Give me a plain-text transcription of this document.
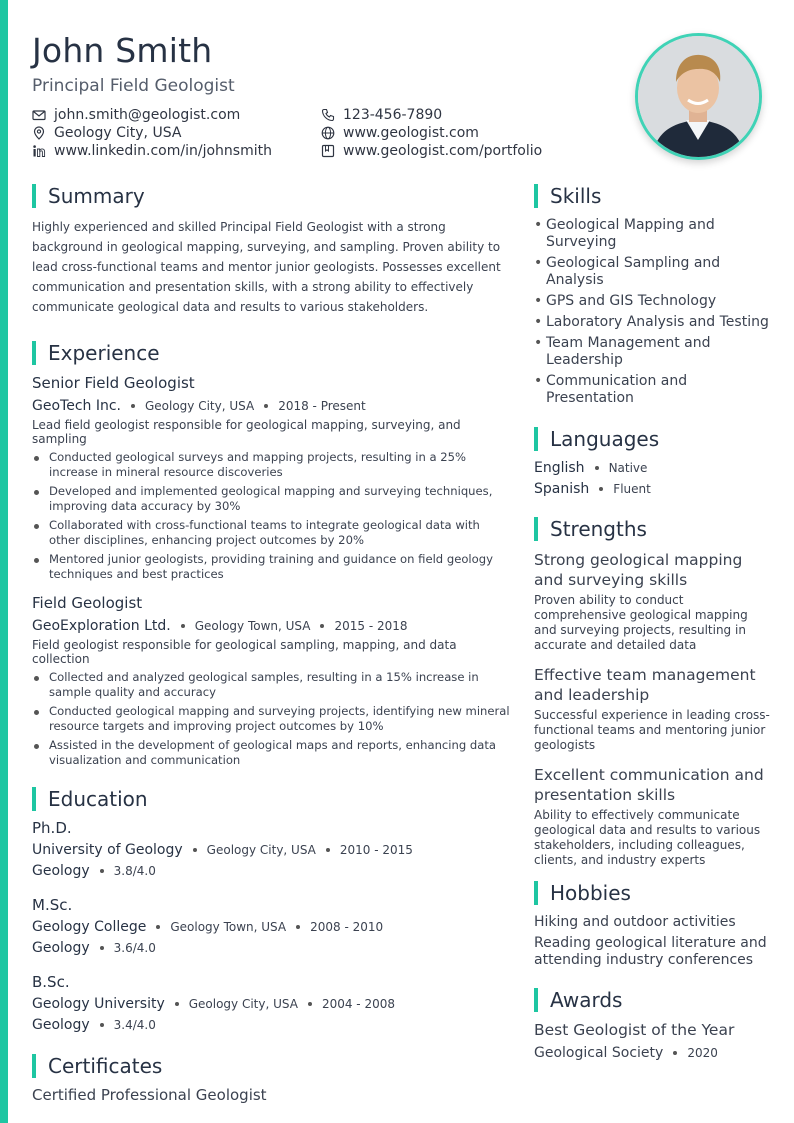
John Smith
Principal Field Geologist
john.smith@geologist.com	123-456-7890
Geology City, USA	www.geologist.com
www.linkedin.com/in/johnsmith	www.geologist.com/portfolio
Summary

Highly experienced and skilled Principal Field Geologist with a strong background in geological mapping, surveying, and sampling. Proven ability to lead cross-functional teams and mentor junior geologists. Possesses excellent communication and presentation skills, with a strong ability to effectively communicate geological data and results to various stakeholders.

Experience
Senior Field Geologist
GeoTech Inc. Geology City, USA 2018 - Present
Lead field geologist responsible for geological mapping, surveying, and sampling
Conducted geological surveys and mapping projects, resulting in a 25% increase in mineral resource discoveries
Developed and implemented geological mapping and surveying techniques, improving data accuracy by 30%
Collaborated with cross-functional teams to integrate geological data with other disciplines, enhancing project outcomes by 20%
Mentored junior geologists, providing training and guidance on field geology techniques and best practices
Field Geologist
GeoExploration Ltd. Geology Town, USA 2015 - 2018
Field geologist responsible for geological sampling, mapping, and data collection
Collected and analyzed geological samples, resulting in a 15% increase in sample quality and accuracy
Conducted geological mapping and surveying projects, identifying new mineral resource targets and improving project outcomes by 10%
Assisted in the development of geological maps and reports, enhancing data visualization and communication
Education
Ph.D.
University of Geology Geology City, USA 2010 - 2015
Geology 3.8/4.0
M.Sc.
Geology College Geology Town, USA 2008 - 2010
Geology 3.6/4.0
B.Sc.
Geology University Geology City, USA 2004 - 2008
Geology 3.4/4.0
Certificates
Certified Professional Geologist
Skills
• Geological Mapping and Surveying
• Geological Sampling and Analysis
• GPS and GIS Technology
• Laboratory Analysis and Testing
• Team Management and Leadership
• Communication and Presentation
Languages
English Native
Spanish Fluent
Strengths
Strong geological mapping and surveying skills
Proven ability to conduct comprehensive geological mapping and surveying projects, resulting in accurate and detailed data
Effective team management and leadership
Successful experience in leading cross-functional teams and mentoring junior geologists
Excellent communication and presentation skills
Ability to effectively communicate geological data and results to various stakeholders, including colleagues, clients, and industry experts
Hobbies
Hiking and outdoor activities
Reading geological literature and attending industry conferences
Awards
Best Geologist of the Year
Geological Society 2020
